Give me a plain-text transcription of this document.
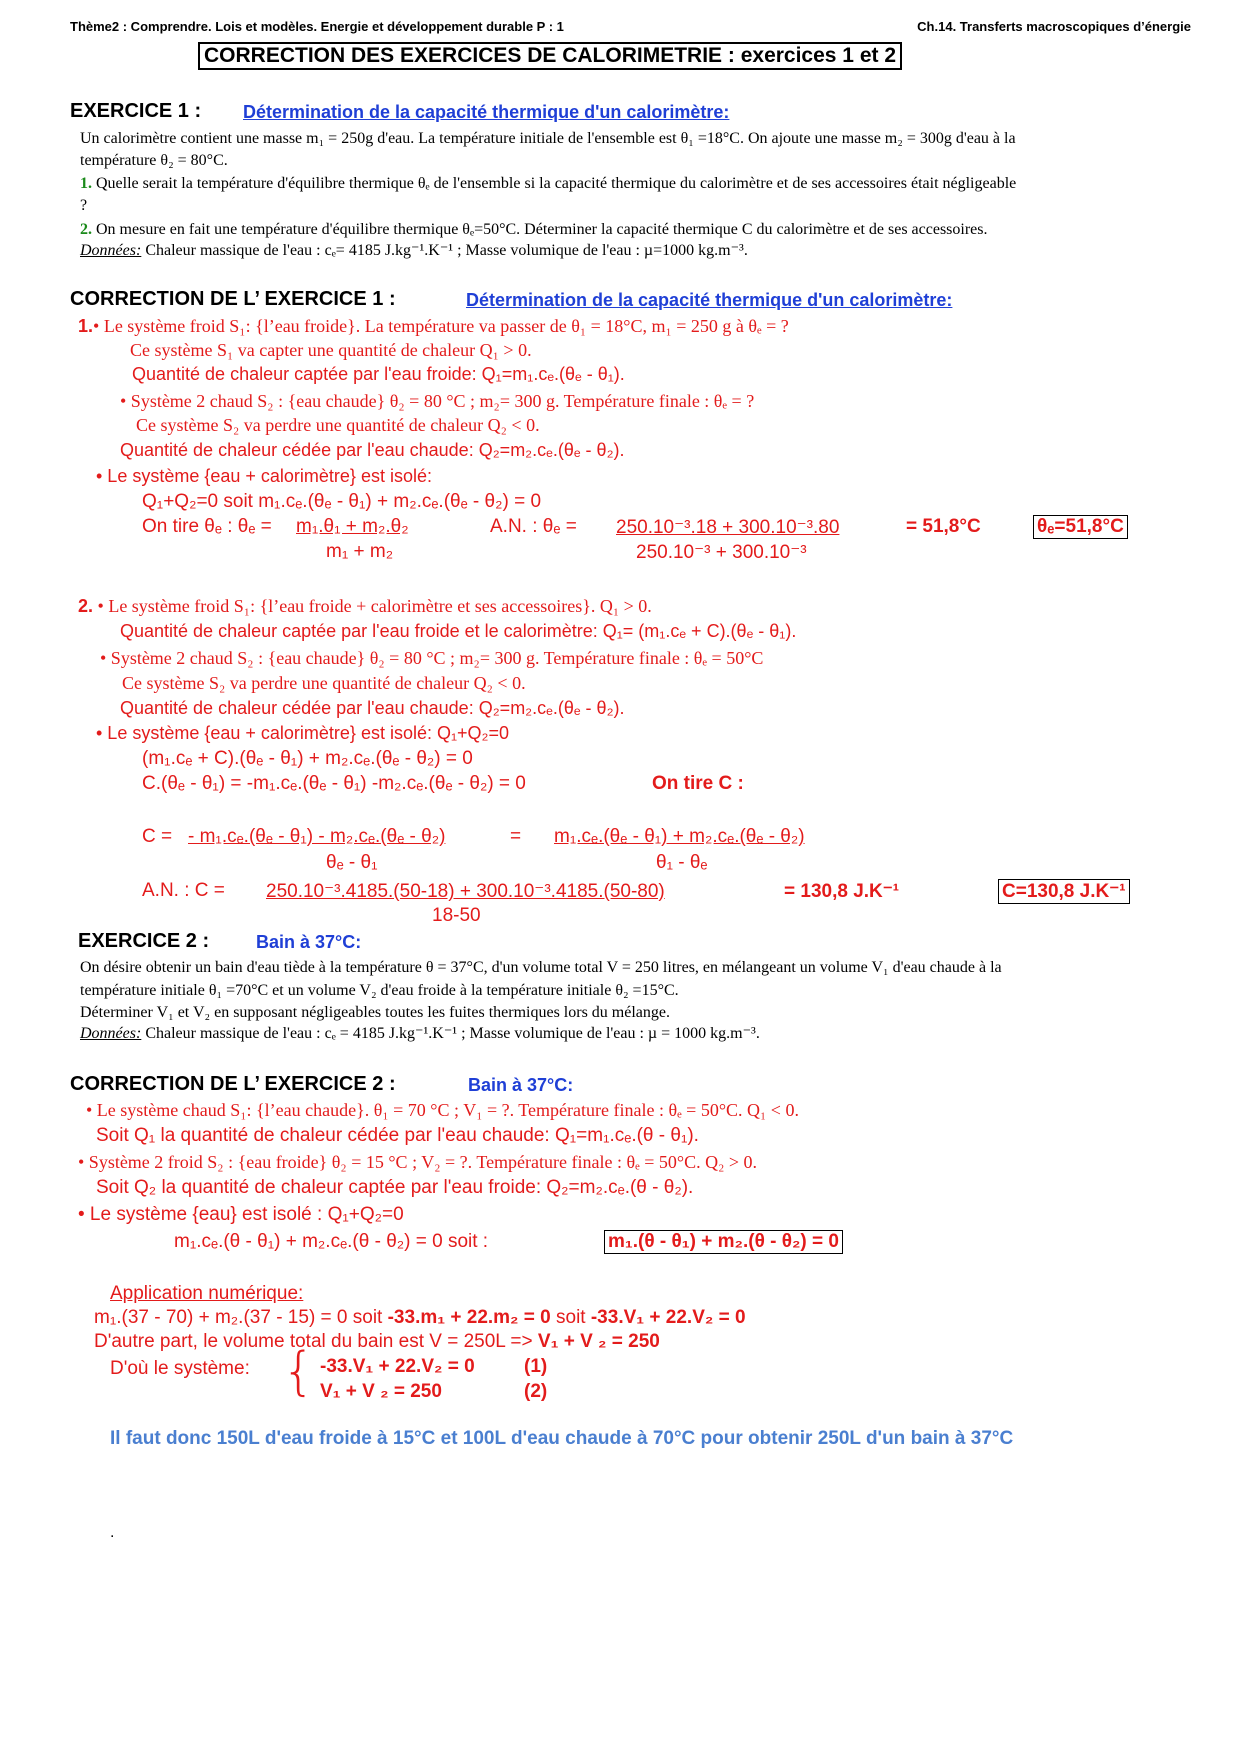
Thème2 : Comprendre. Lois et modèles. Energie et développement durable P : 1	Ch.14. Transferts macroscopiques d’énergie
CORRECTION DES EXERCICES DE CALORIMETRIE : exercices 1 et 2
EXERCICE 1 : Détermination de la capacité thermique d'un calorimètre:
Un calorimètre contient une masse m₁ = 250g d'eau. La température initiale de l'ensemble est θ₁ =18°C. On ajoute une masse m₂ = 300g d'eau à la
température θ₂ = 80°C.
1. Quelle serait la température d'équilibre thermique θₑ de l'ensemble si la capacité thermique du calorimètre et de ses accessoires était négligeable
?
2. On mesure en fait une température d'équilibre thermique θₑ=50°C. Déterminer la capacité thermique C du calorimètre et de ses accessoires.
Données: Chaleur massique de l'eau : cₑ= 4185 J.kg⁻¹.K⁻¹ ; Masse volumique de l'eau : µ=1000 kg.m⁻³.
CORRECTION DE L’ EXERCICE 1 :	Détermination de la capacité thermique d'un calorimètre:
1.• Le système froid S₁: {l’eau froide}. La température va passer de θ₁ = 18°C, m₁ = 250 g à θₑ = ?
Ce système S₁ va capter une quantité de chaleur Q₁ > 0.
Quantité de chaleur captée par l'eau froide: Q₁=m₁.cₑ.(θₑ - θ₁).
• Système 2 chaud S₂ : {eau chaude} θ₂ = 80 °C ; m₂= 300 g. Température finale : θₑ = ?
Ce système S₂ va perdre une quantité de chaleur Q₂ < 0.
Quantité de chaleur cédée par l'eau chaude: Q₂=m₂.cₑ.(θₑ - θ₂).
• Le système {eau + calorimètre} est isolé:
Q₁+Q₂=0 soit m₁.cₑ.(θₑ - θ₁) + m₂.cₑ.(θₑ - θ₂) = 0
On tire θₑ : θₑ = m₁.θ₁ + m₂.θ₂
m₁ + m₂
A.N. : θₑ = 250.10⁻³.18 + 300.10⁻³.80
250.10⁻³ + 300.10⁻³
= 51,8°C	θₑ=51,8°C
2. • Le système froid S₁: {l’eau froide + calorimètre et ses accessoires}. Q₁ > 0.
Quantité de chaleur captée par l'eau froide et le calorimètre: Q₁= (m₁.cₑ + C).(θₑ - θ₁).
• Système 2 chaud S₂ : {eau chaude} θ₂ = 80 °C ; m₂= 300 g. Température finale : θₑ = 50°C
Ce système S₂ va perdre une quantité de chaleur Q₂ < 0.
Quantité de chaleur cédée par l'eau chaude: Q₂=m₂.cₑ.(θₑ - θ₂).
• Le système {eau + calorimètre} est isolé: Q₁+Q₂=0
(m₁.cₑ + C).(θₑ - θ₁) + m₂.cₑ.(θₑ - θ₂) = 0
C.(θₑ - θ₁) = -m₁.cₑ.(θₑ - θ₁) -m₂.cₑ.(θₑ - θ₂) = 0	On tire C :
C = - m₁.cₑ.(θₑ - θ₁) - m₂.cₑ.(θₑ - θ₂)	= m₁.cₑ.(θₑ - θ₁) + m₂.cₑ.(θₑ - θ₂)
θₑ - θ₁	θ₁ - θₑ
A.N. : C = 250.10⁻³.4185.(50-18) + 300.10⁻³.4185.(50-80)
18-50
= 130,8 J.K⁻¹	C=130,8 J.K⁻¹
EXERCICE 2 :	Bain à 37°C:
On désire obtenir un bain d'eau tiède à la température θ = 37°C, d'un volume total V = 250 litres, en mélangeant un volume V₁ d'eau chaude à la
température initiale θ₁ =70°C et un volume V₂ d'eau froide à la température initiale θ₂ =15°C.
Déterminer V₁ et V₂ en supposant négligeables toutes les fuites thermiques lors du mélange.
Données: Chaleur massique de l'eau : cₑ = 4185 J.kg⁻¹.K⁻¹ ; Masse volumique de l'eau : µ = 1000 kg.m⁻³.
CORRECTION DE L’ EXERCICE 2 :	Bain à 37°C:
• Le système chaud S₁: {l’eau chaude}. θ₁ = 70 °C ; V₁ = ?. Température finale : θₑ = 50°C. Q₁ < 0.
Soit Q₁ la quantité de chaleur cédée par l'eau chaude: Q₁=m₁.cₑ.(θ - θ₁).
• Système 2 froid S₂ : {eau froide} θ₂ = 15 °C ; V₂ = ?. Température finale : θₑ = 50°C. Q₂ > 0.
Soit Q₂ la quantité de chaleur captée par l'eau froide: Q₂=m₂.cₑ.(θ - θ₂).
• Le système {eau} est isolé : Q₁+Q₂=0
m₁.cₑ.(θ - θ₁) + m₂.cₑ.(θ - θ₂) = 0 soit :	m₁.(θ - θ₁) + m₂.(θ - θ₂) = 0
Application numérique:
m₁.(37 - 70) + m₂.(37 - 15) = 0 soit -33.m₁ + 22.m₂ = 0 soit -33.V₁ + 22.V₂ = 0
D'autre part, le volume total du bain est V = 250L => V₁ + V ₂ = 250
D'où le système: { -33.V₁ + 22.V₂ = 0	(1)
V₁ + V ₂ = 250	(2)
Il faut donc 150L d'eau froide à 15°C et 100L d'eau chaude à 70°C pour obtenir 250L d'un bain à 37°C
.
